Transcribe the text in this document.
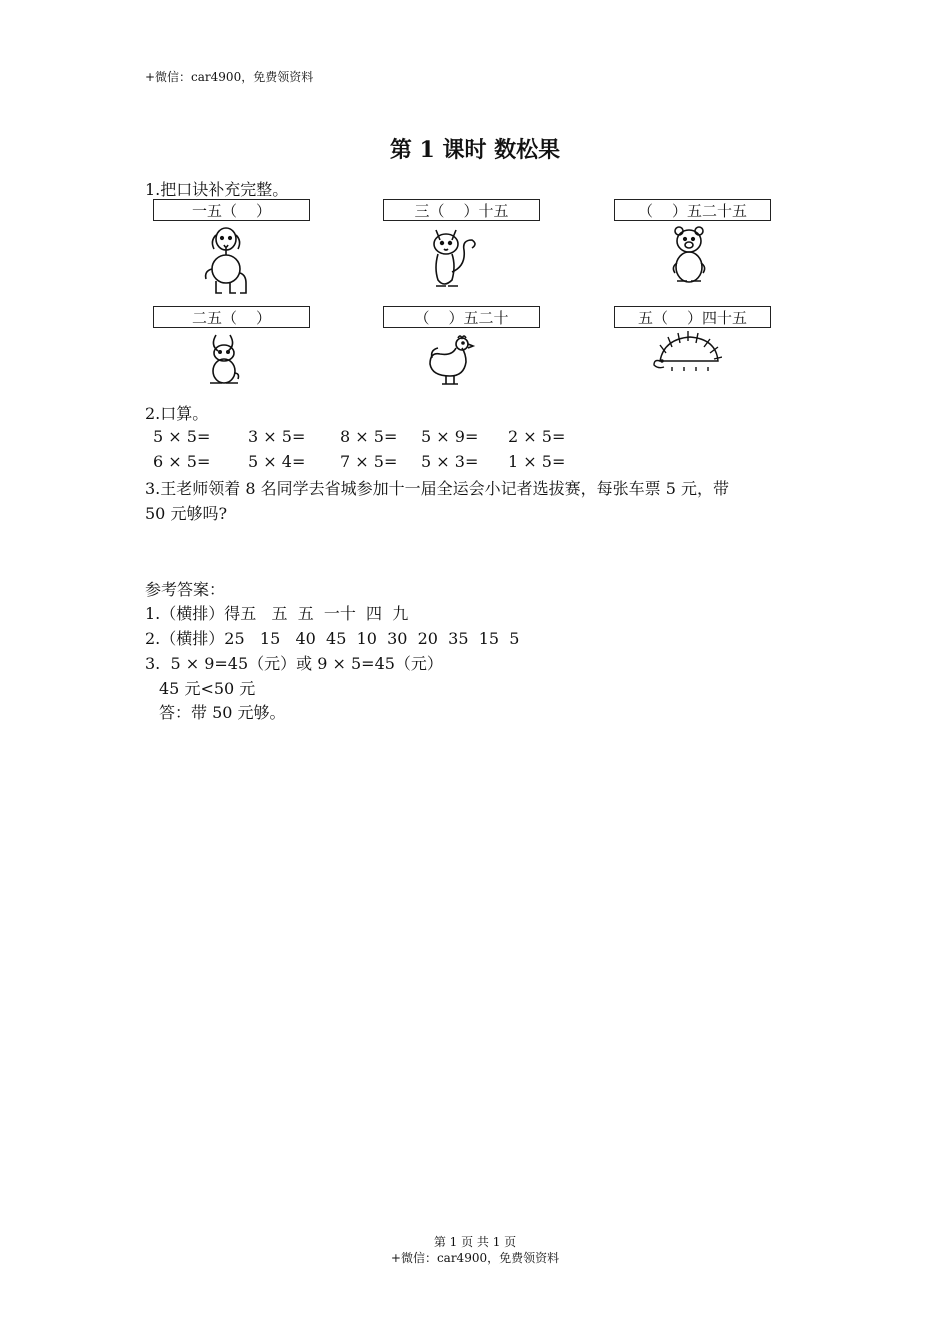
+微信：car4900，免费领资料
第 1 课时 数松果
1.把口诀补充完整。
一五（    ）	三（    ）十五	（    ）五二十五
二五（    ）	（    ）五二十	五（    ）四十五
2.口算。
5 × 5= 3 × 5= 8 × 5= 5 × 9= 2 × 5=
6 × 5= 5 × 4= 7 × 5= 5 × 3= 1 × 5=
3.王老师领着 8 名同学去省城参加十一届全运会小记者选拔赛，每张车票 5 元，带
50 元够吗?
参考答案：
1.（横排）得五   五  五  一十  四  九
2.（横排）25   15   40  45  10  30  20  35  15  5
3.  5 × 9=45（元）或 9 × 5=45（元）
45 元<50 元
答：带 50 元够。
第 1 页 共 1 页
+微信：car4900，免费领资料
